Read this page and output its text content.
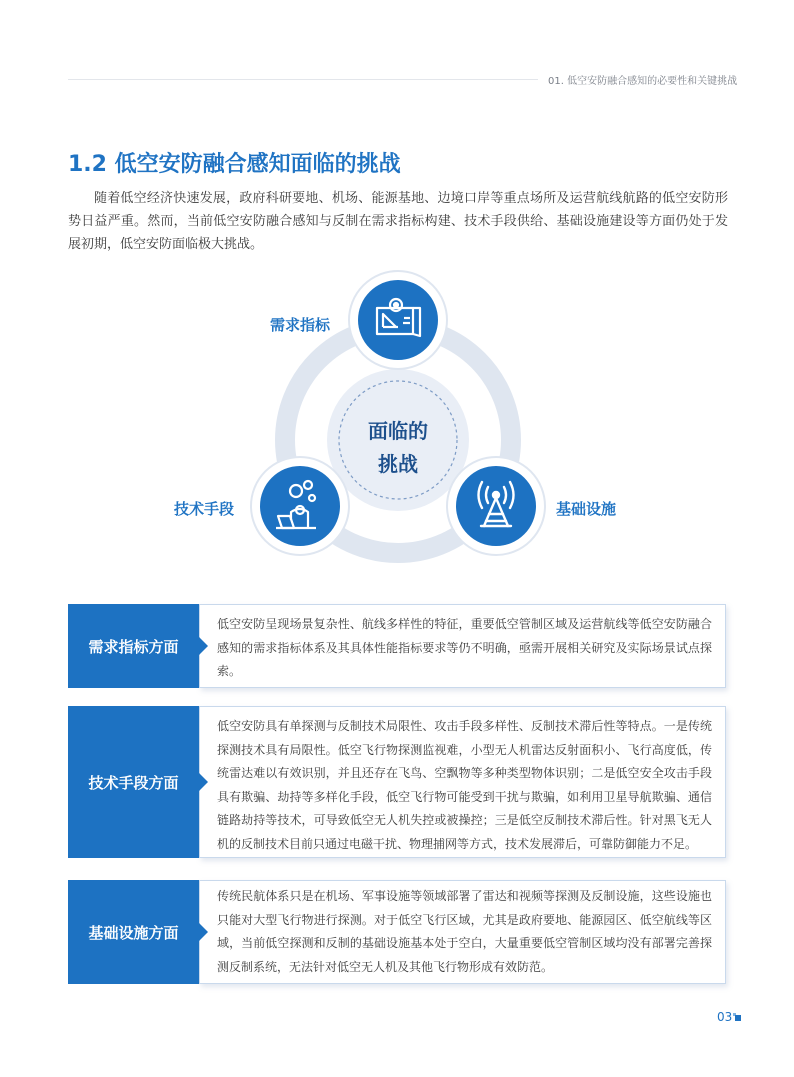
01. 低空安防融合感知的必要性和关键挑战
1.2 低空安防融合感知面临的挑战
随着低空经济快速发展，政府科研要地、机场、能源基地、边境口岸等重点场所及运营航线航路的低空安防形势日益严重。然而，当前低空安防融合感知与反制在需求指标构建、技术手段供给、基础设施建设等方面仍处于发展初期，低空安防面临极大挑战。
面临的
挑战
需求指标
技术手段	基础设施
需求指标方面
低空安防呈现场景复杂性、航线多样性的特征，重要低空管制区域及运营航线等低空安防融合感知的需求指标体系及其具体性能指标要求等仍不明确，亟需开展相关研究及实际场景试点探索。
技术手段方面
低空安防具有单探测与反制技术局限性、攻击手段多样性、反制技术滞后性等特点。一是传统探测技术具有局限性。低空飞行物探测监视难，小型无人机雷达反射面积小、飞行高度低，传统雷达难以有效识别，并且还存在飞鸟、空飘物等多种类型物体识别；二是低空安全攻击手段具有欺骗、劫持等多样化手段，低空飞行物可能受到干扰与欺骗，如利用卫星导航欺骗、通信链路劫持等技术，可导致低空无人机失控或被操控；三是低空反制技术滞后性。针对黑飞无人机的反制技术目前只通过电磁干扰、物理捕网等方式，技术发展滞后，可靠防御能力不足。
基础设施方面
传统民航体系只是在机场、军事设施等领域部署了雷达和视频等探测及反制设施，这些设施也只能对大型飞行物进行探测。对于低空飞行区域，尤其是政府要地、能源园区、低空航线等区域，当前低空探测和反制的基础设施基本处于空白，大量重要低空管制区域均没有部署完善探测反制系统，无法针对低空无人机及其他飞行物形成有效防范。
03
